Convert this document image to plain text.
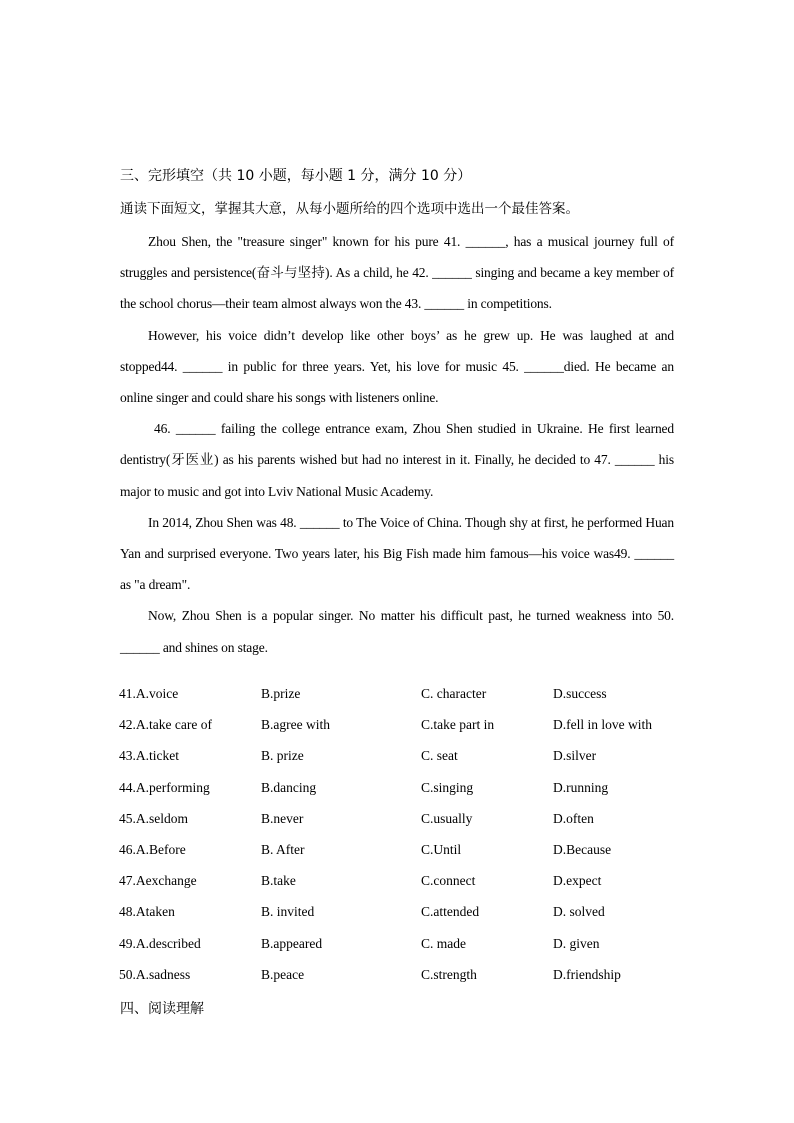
三、完形填空（共 10 小题，每小题 1 分，满分 10 分）
通读下面短文，掌握其大意，从每小题所给的四个选项中选出一个最佳答案。

Zhou Shen, the "treasure singer" known for his pure 41. ______, has a musical journey full of struggles and persistence(奋斗与坚持). As a child, he 42. ______ singing and became a key member of the school chorus—their team almost always won the 43. ______ in competitions.

However, his voice didn’t develop like other boys’ as he grew up. He was laughed at and stopped44. ______ in public for three years. Yet, his love for music 45. ______died. He became an online singer and could share his songs with listeners online.

46. ______ failing the college entrance exam, Zhou Shen studied in Ukraine. He first learned dentistry(牙医业) as his parents wished but had no interest in it. Finally, he decided to 47. ______ his major to music and got into Lviv National Music Academy.

In 2014, Zhou Shen was 48. ______ to The Voice of China. Though shy at first, he performed Huan Yan and surprised everyone. Two years later, his Big Fish made him famous—his voice was49. ______ as "a dream".

Now, Zhou Shen is a popular singer. No matter his difficult past, he turned weakness into 50. ______ and shines on stage.

41.A.voice	B.prize	C. character	D.success
42.A.take care of	B.agree with	C.take part in	D.fell in love with
43.A.ticket	B. prize	C. seat	D.silver
44.A.performing	B.dancing	C.singing	D.running
45.A.seldom	B.never	C.usually	D.often
46.A.Before	B. After	C.Until	D.Because
47.Aexchange	B.take	C.connect	D.expect
48.Ataken	B. invited	C.attended	D. solved
49.A.described	B.appeared	C. made	D. given
50.A.sadness	B.peace	C.strength	D.friendship
四、阅读理解
